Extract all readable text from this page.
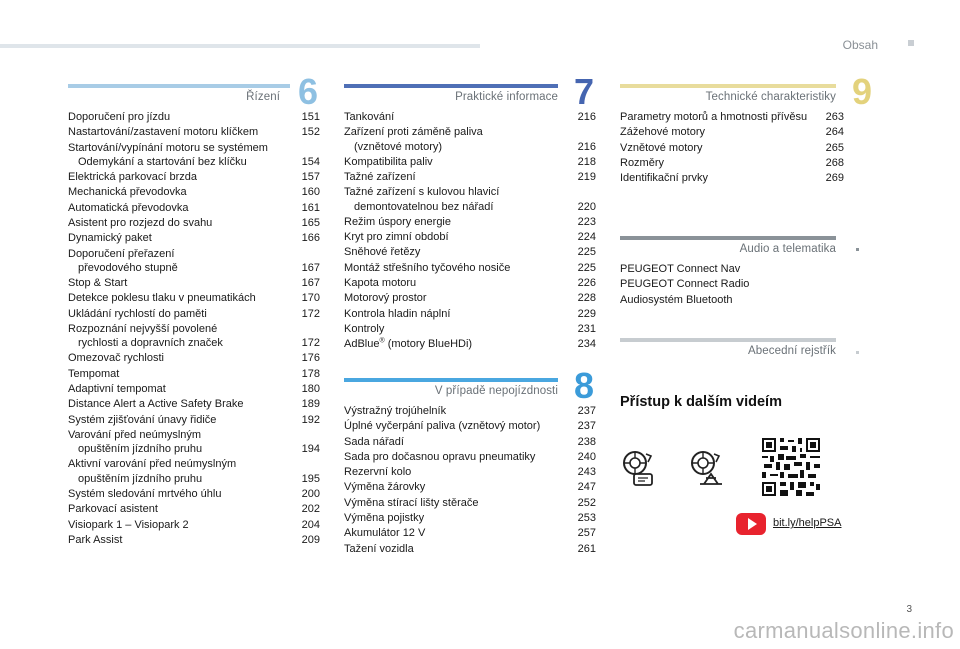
Obsah
Řízení 6
Doporučení pro jízdu	151
Nastartování/zastavení motoru klíčkem	152
Startování/vypínání motoru se systémem
Odemykání a startování bez klíčku	154
Elektrická parkovací brzda	157
Mechanická převodovka	160
Automatická převodovka	161
Asistent pro rozjezd do svahu	165
Dynamický paket	166
Doporučení přeřazení
převodového stupně	167
Stop & Start	167
Detekce poklesu tlaku v pneumatikách	170
Ukládání rychlostí do paměti	172
Rozpoznání nejvyšší povolené
rychlosti a dopravních značek	172
Omezovač rychlosti	176
Tempomat	178
Adaptivní tempomat	180
Distance Alert a Active Safety Brake	189
Systém zjišťování únavy řidiče	192
Varování před neúmyslným
opuštěním jízdního pruhu	194
Aktivní varování před neúmyslným
opuštěním jízdního pruhu	195
Systém sledování mrtvého úhlu	200
Parkovací asistent	202
Visiopark 1 – Visiopark 2	204
Park Assist	209
Praktické informace 7
Tankování	216
Zařízení proti záměně paliva
(vznětové motory)	216
Kompatibilita paliv	218
Tažné zařízení	219
Tažné zařízení s kulovou hlavicí
demontovatelnou bez nářadí	220
Režim úspory energie	223
Kryt pro zimní období	224
Sněhové řetězy	225
Montáž střešního tyčového nosiče	225
Kapota motoru	226
Motorový prostor	228
Kontrola hladin náplní	229
Kontroly	231
AdBlue® (motory BlueHDi)	234
V případě nepojízdnosti 8
Výstražný trojúhelník	237
Úplné vyčerpání paliva (vznětový motor)	237
Sada nářadí	238
Sada pro dočasnou opravu pneumatiky	240
Rezervní kolo	243
Výměna žárovky	247
Výměna stírací lišty stěrače	252
Výměna pojistky	253
Akumulátor 12 V	257
Tažení vozidla	261
Technické charakteristiky 9
Parametry motorů a hmotnosti přívěsu	263
Zážehové motory	264
Vznětové motory	265
Rozměry	268
Identifikační prvky	269
Audio a telematika
PEUGEOT Connect Nav
PEUGEOT Connect Radio
Audiosystém Bluetooth
Abecední rejstřík
Přístup k dalším videím
bit.ly/helpPSA
3
carmanualsonline.info
